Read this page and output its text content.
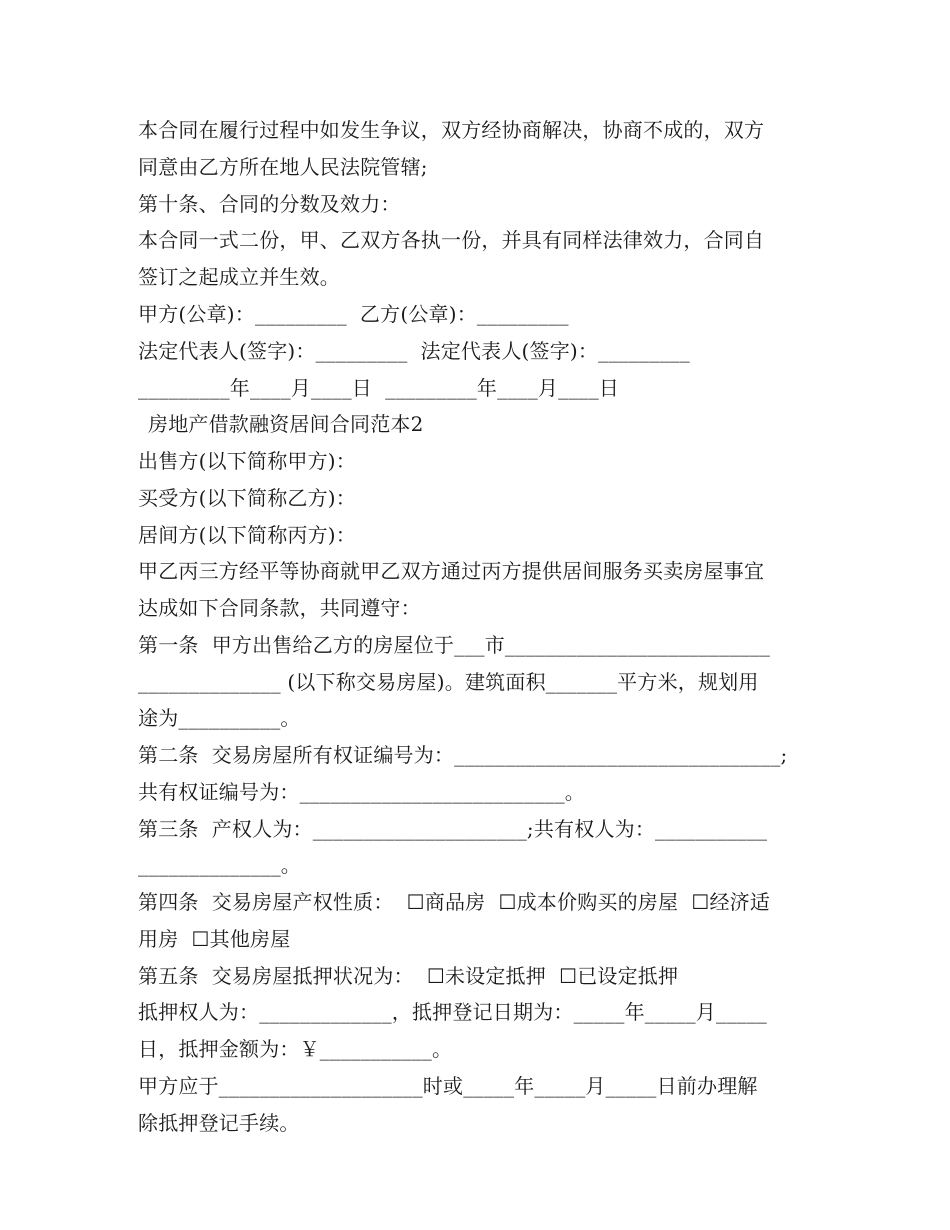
本合同在履行过程中如发生争议，双方经协商解决，协商不成的，双方
同意由乙方所在地人民法院管辖;
第十条、合同的分数及效力：
本合同一式二份，甲、乙双方各执一份，并具有同样法律效力，合同自
签订之起成立并生效。
甲方(公章)：_________  乙方(公章)：_________
法定代表人(签字)：_________  法定代表人(签字)：_________
_________年____月____日  _________年____月____日
房地产借款融资居间合同范本2
出售方(以下简称甲方)：
买受方(以下简称乙方)：
居间方(以下简称丙方)：
甲乙丙三方经平等协商就甲乙双方通过丙方提供居间服务买卖房屋事宜
达成如下合同条款，共同遵守：
第一条  甲方出售给乙方的房屋位于___市__________________________
______________ (以下称交易房屋)。建筑面积_______平方米，规划用
途为__________。
第二条  交易房屋所有权证编号为：________________________________;
共有权证编号为：__________________________。
第三条  产权人为：_____________________;共有权人为：___________
______________。
第四条  交易房屋产权性质：  ☐商品房  ☐成本价购买的房屋  ☐经济适
用房  ☐其他房屋
第五条  交易房屋抵押状况为：  ☐未设定抵押  ☐已设定抵押
抵押权人为：_____________，抵押登记日期为：_____年_____月_____
日，抵押金额为：￥___________。
甲方应于____________________时或_____年_____月_____日前办理解
除抵押登记手续。
